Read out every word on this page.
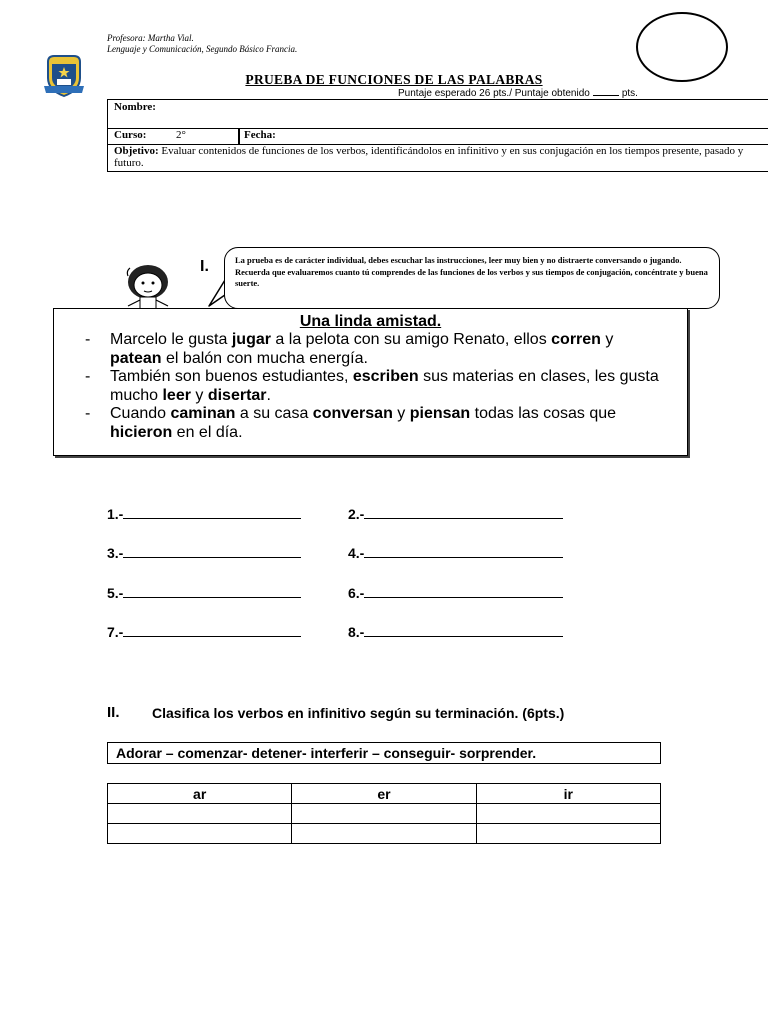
Profesora: Martha Vial.
Lenguaje y Comunicación, Segundo Básico Francia.
PRUEBA DE FUNCIONES DE LAS PALABRAS
Puntaje esperado 26 pts./ Puntaje obtenido	pts.
Nombre:
Curso:	2°	Fecha:
Objetivo: Evaluar contenidos de funciones de los verbos, identificándolos en infinitivo y en sus conjugación en los tiempos presente, pasado y futuro.
I.	La prueba es de carácter individual, debes escuchar las instrucciones, leer muy bien y no distraerte conversando o jugando. Recuerda que evaluaremos cuanto tú comprendes de las funciones de los verbos y sus tiempos de conjugación, concéntrate y buena suerte.
Una linda amistad.
- Marcelo le gusta jugar a la pelota con su amigo Renato, ellos corren y patean el balón con mucha energía.
- También son buenos estudiantes, escriben sus materias en clases, les gusta mucho leer y disertar.
- Cuando caminan a su casa conversan y piensan todas las cosas que hicieron en el día.
1.-	2.-
3.-	4.-
5.-	6.-
7.-	8.-
II. Clasifica los verbos en infinitivo según su terminación. (6pts.)
Adorar – comenzar- detener- interferir – conseguir- sorprender.
ar	er	ir
